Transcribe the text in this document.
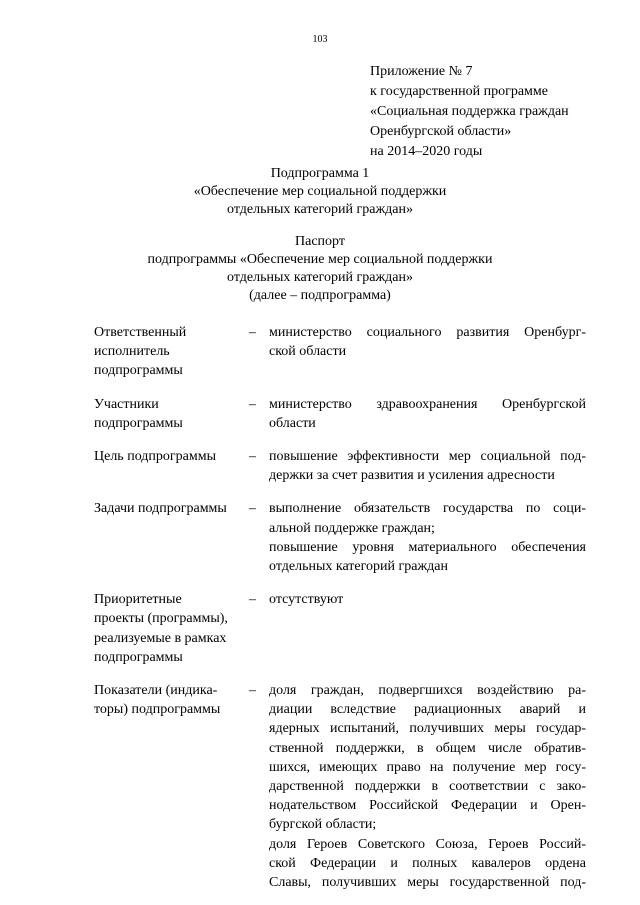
103
Приложение № 7
к государственной программе
«Социальная поддержка граждан
Оренбургской области»
на 2014–2020 годы
Подпрограмма 1
«Обеспечение мер социальной поддержки
отдельных категорий граждан»
Паспорт
подпрограммы «Обеспечение мер социальной поддержки
отдельных категорий граждан»
(далее – подпрограмма)
Ответственный
исполнитель
подпрограммы
– министерство социального развития Оренбург-
ской области
Участники
подпрограммы
– министерство здравоохранения Оренбургской
области
Цель подпрограммы	– повышение эффективности мер социальной под-
держки за счет развития и усиления адресности
Задачи подпрограммы	– выполнение обязательств государства по соци-
альной поддержке граждан;
повышение уровня материального обеспечения
отдельных категорий граждан
Приоритетные
проекты (программы),
реализуемые в рамках
подпрограммы
– отсутствуют
Показатели (индика-
торы) подпрограммы
– доля граждан, подвергшихся воздействию ра-
диации вследствие радиационных аварий и
ядерных испытаний, получивших меры государ-
ственной поддержки, в общем числе обратив-
шихся, имеющих право на получение мер госу-
дарственной поддержки в соответствии с зако-
нодательством Российской Федерации и Орен-
бургской области;
доля Героев Советского Союза, Героев Россий-
ской Федерации и полных кавалеров ордена
Славы, получивших меры государственной под-
